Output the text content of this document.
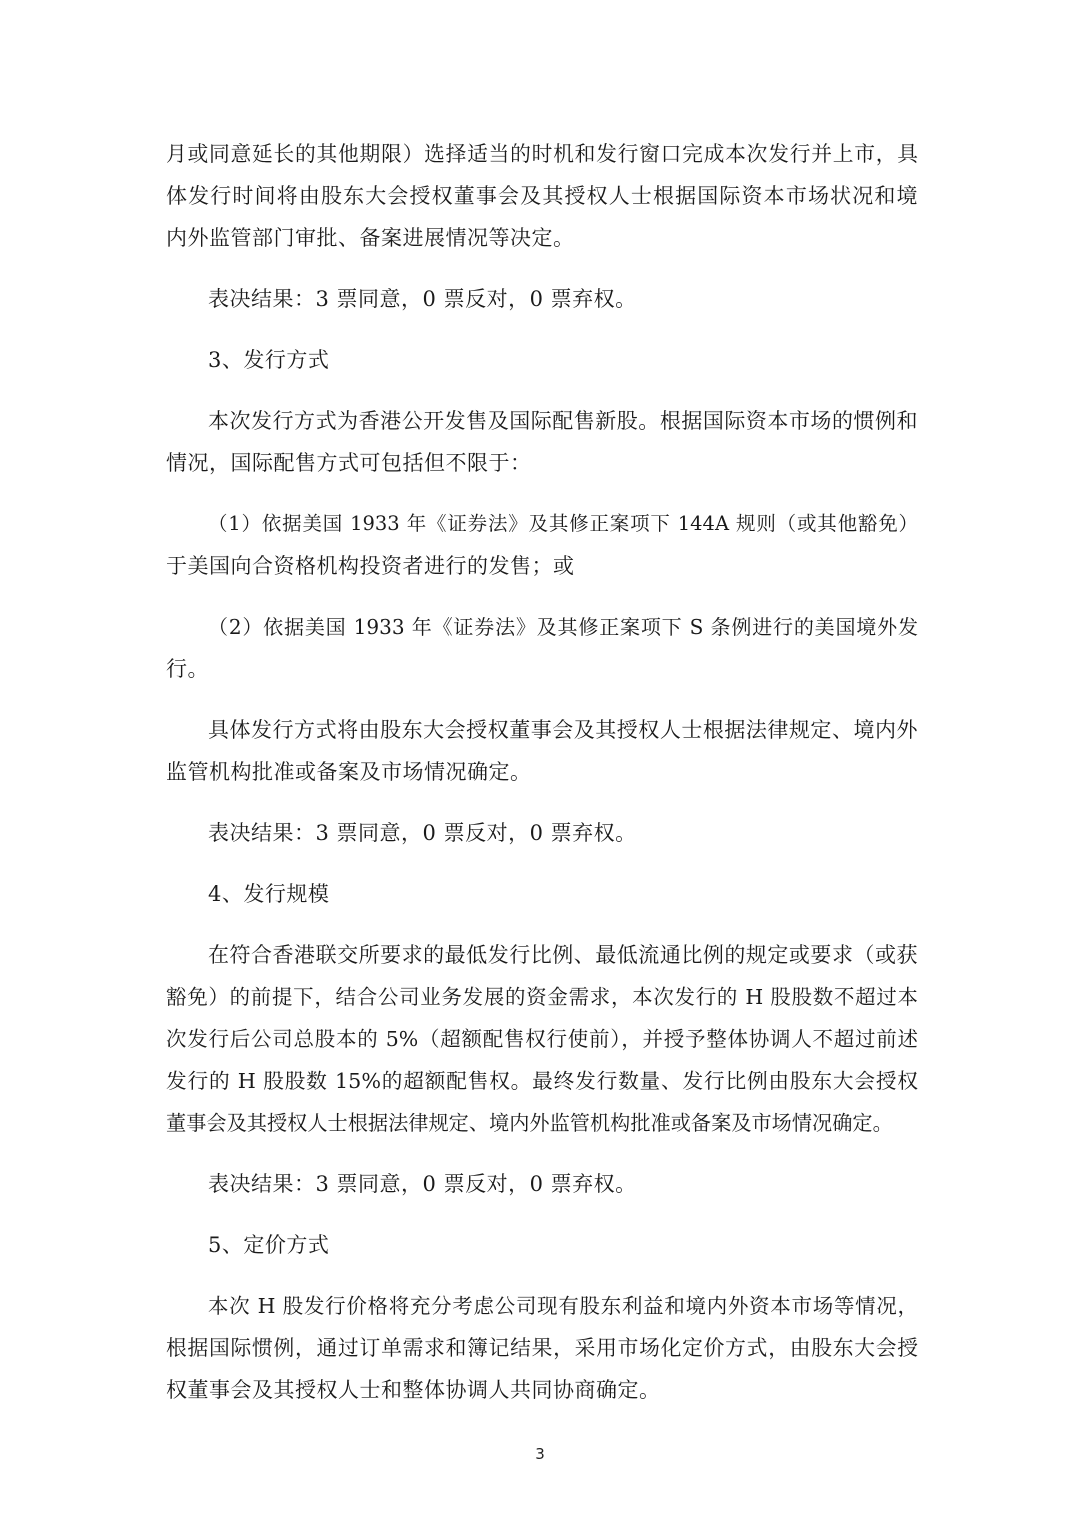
月或同意延长的其他期限）选择适当的时机和发行窗口完成本次发行并上市，具
体发行时间将由股东大会授权董事会及其授权人士根据国际资本市场状况和境
内外监管部门审批、备案进展情况等决定。

表决结果：3 票同意，0 票反对，0 票弃权。

3、发行方式

本次发行方式为香港公开发售及国际配售新股。根据国际资本市场的惯例和
情况，国际配售方式可包括但不限于：

（1）依据美国 1933 年《证券法》及其修正案项下 144A 规则（或其他豁免）
于美国向合资格机构投资者进行的发售；或

（2）依据美国 1933 年《证券法》及其修正案项下 S 条例进行的美国境外发
行。

具体发行方式将由股东大会授权董事会及其授权人士根据法律规定、境内外
监管机构批准或备案及市场情况确定。

表决结果：3 票同意，0 票反对，0 票弃权。

4、发行规模

在符合香港联交所要求的最低发行比例、最低流通比例的规定或要求（或获
豁免）的前提下，结合公司业务发展的资金需求，本次发行的 H 股股数不超过本
次发行后公司总股本的 5%（超额配售权行使前），并授予整体协调人不超过前述
发行的 H 股股数 15%的超额配售权。最终发行数量、发行比例由股东大会授权
董事会及其授权人士根据法律规定、境内外监管机构批准或备案及市场情况确定。

表决结果：3 票同意，0 票反对，0 票弃权。

5、定价方式

本次 H 股发行价格将充分考虑公司现有股东利益和境内外资本市场等情况，
根据国际惯例，通过订单需求和簿记结果，采用市场化定价方式，由股东大会授
权董事会及其授权人士和整体协调人共同协商确定。

3
